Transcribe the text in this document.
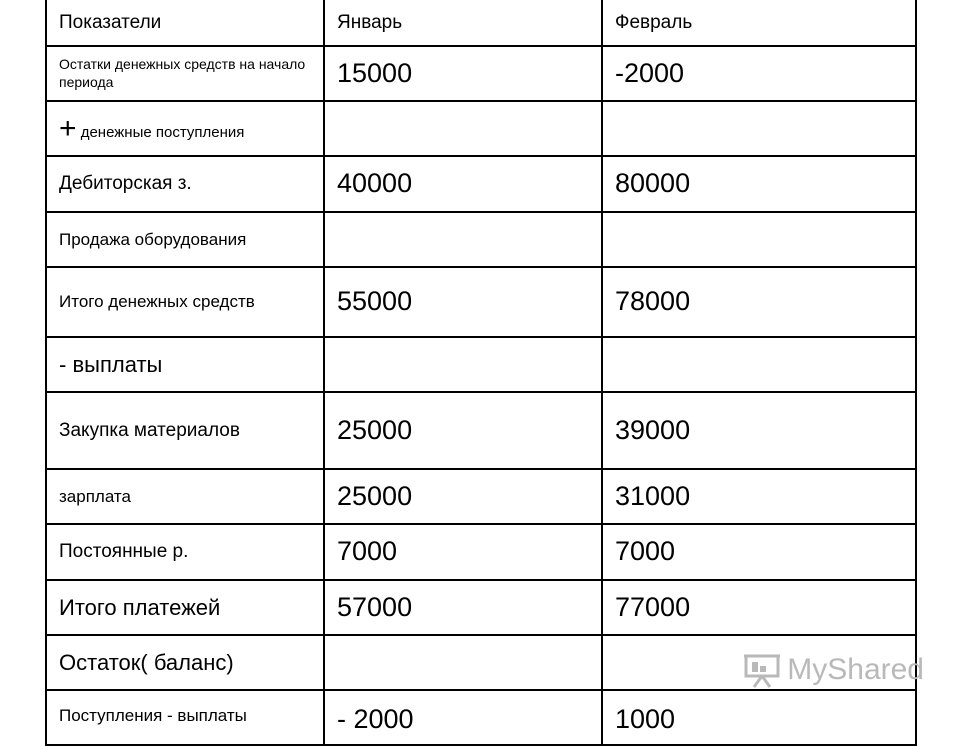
Показатели	Январь	Февраль
Остатки денежных средств на начало периода	15000	-2000
+ денежные поступления		
Дебиторская з.	40000	80000
Продажа оборудования		
Итого денежных средств	55000	78000
- выплаты		
Закупка материалов	25000	39000
зарплата	25000	31000
Постоянные р.	7000	7000
Итого платежей	57000	77000
Остаток( баланс)		
Поступления - выплаты	- 2000	1000
MyShared
